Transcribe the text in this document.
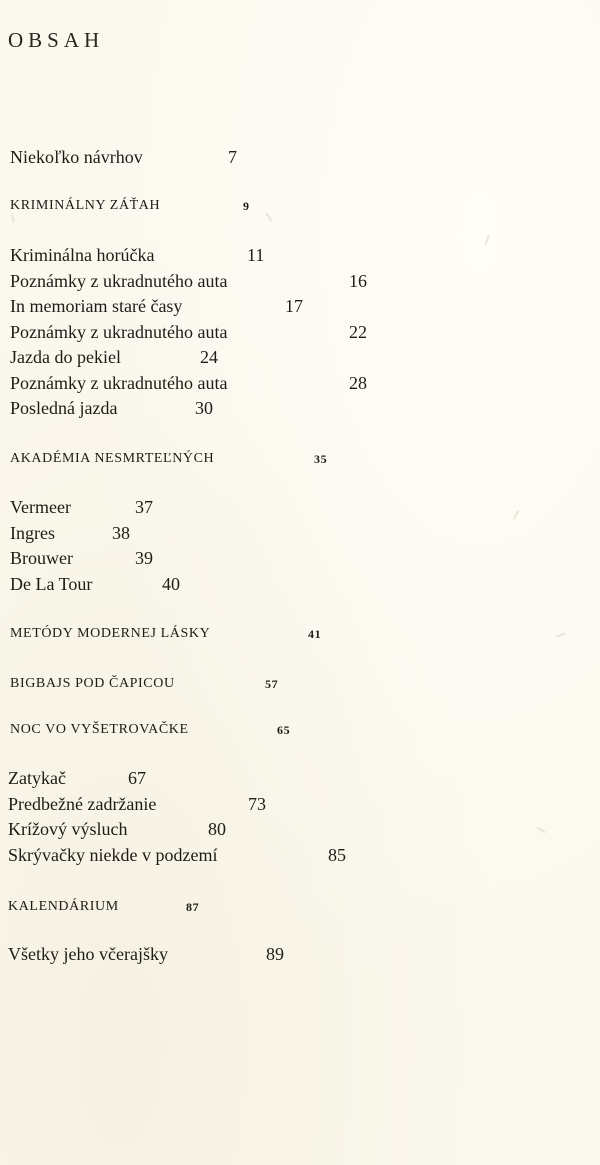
OBSAH
Niekoľko návrhov	7
KRIMINÁLNY ZÁŤAH	9
Kriminálna horúčka	11
Poznámky z ukradnutého auta	16
In memoriam staré časy	17
Poznámky z ukradnutého auta	22
Jazda do pekiel	24
Poznámky z ukradnutého auta	28
Posledná jazda	30
AKADÉMIA NESMRTEĽNÝCH	35
Vermeer	37
Ingres	38
Brouwer	39
De La Tour	40
METÓDY MODERNEJ LÁSKY	41
BIGBAJS POD ČAPICOU	57
NOC VO VYŠETROVAČKE	65
Zatykač	67
Predbežné zadržanie	73
Krížový výsluch	80
Skrývačky niekde v podzemí	85
KALENDÁRIUM	87
Všetky jeho včerajšky	89
